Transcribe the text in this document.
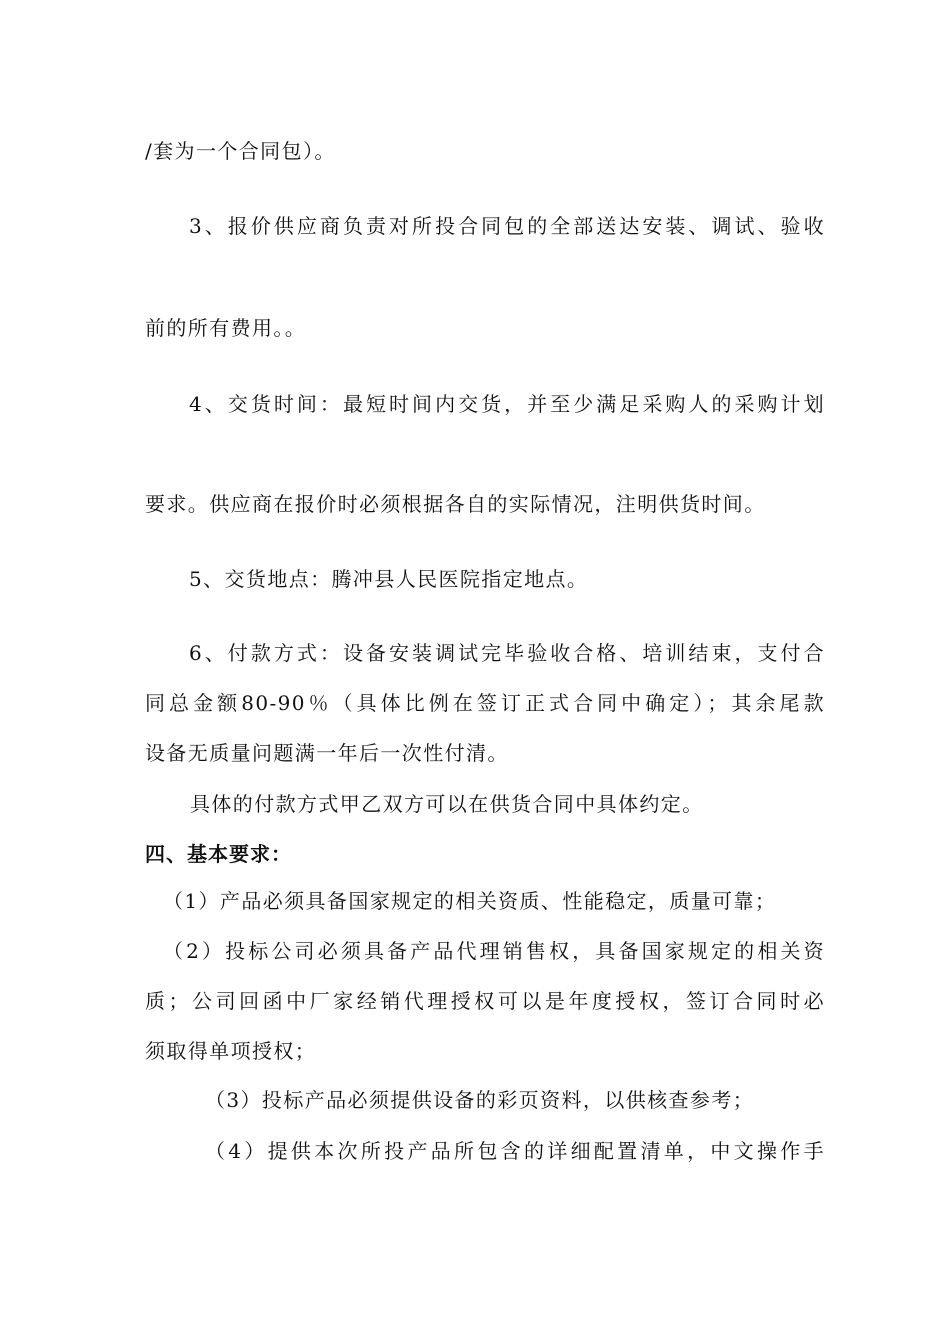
/套为一个合同包）。
3、报价供应商负责对所投合同包的全部送达安装、调试、验收
前的所有费用。。
4、交货时间：最短时间内交货，并至少满足采购人的采购计划
要求。供应商在报价时必须根据各自的实际情况，注明供货时间。
5、交货地点：腾冲县人民医院指定地点。
6、付款方式：设备安装调试完毕验收合格、培训结束，支付合
同总金额80-90％（具体比例在签订正式合同中确定）；其余尾款
设备无质量问题满一年后一次性付清。
具体的付款方式甲乙双方可以在供货合同中具体约定。
四、基本要求：
（1）产品必须具备国家规定的相关资质、性能稳定，质量可靠；
（2）投标公司必须具备产品代理销售权，具备国家规定的相关资
质；公司回函中厂家经销代理授权可以是年度授权，签订合同时必
须取得单项授权；
（3）投标产品必须提供设备的彩页资料，以供核查参考；
（4）提供本次所投产品所包含的详细配置清单，中文操作手
